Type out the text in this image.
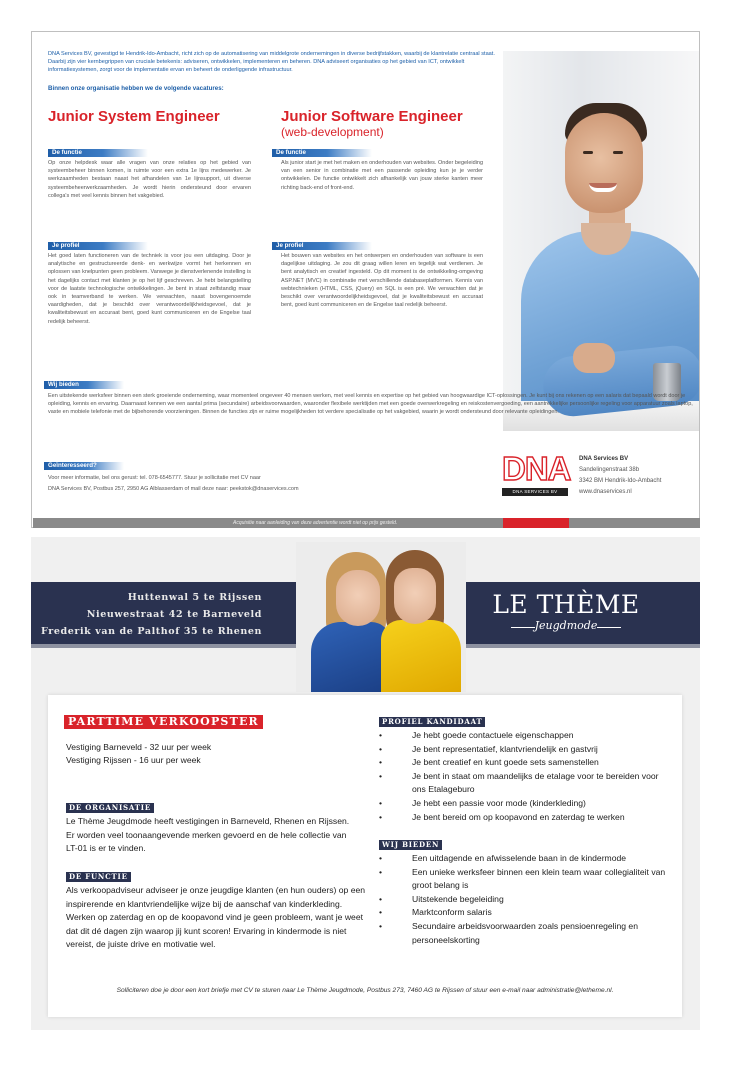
DNA Services BV, gevestigd te Hendrik-Ido-Ambacht, richt zich op de automatisering van middelgrote ondernemingen in diverse bedrijfstakken, waarbij de klantrelatie centraal staat. Daarbij zijn vier kernbegrippen van cruciale betekenis: adviseren, ontwikkelen, implementeren en beheren. DNA adviseert organisaties op het gebied van ICT, ontwikkelt informatiesystemen, zorgt voor de implementatie ervan en beheert de onderliggende infrastructuur.
Binnen onze organisatie hebben we de volgende vacatures:
Junior System Engineer	Junior Software Engineer
(web-development)
De functie
Op onze helpdesk waar alle vragen van onze relaties op het gebied van systeembeheer binnen komen, is ruimte voor een extra 1e lijns medewerker. Je werkzaamheden bestaan naast het afhandelen van 1e lijnsupport, uit diverse systeembeheerwerkzaamheden. Je wordt hierin ondersteund door ervaren collega's met veel kennis binnen het vakgebied.
De functie
Als junior start je met het maken en onderhouden van websites. Onder begeleiding van een senior in combinatie met een passende opleiding kun je je verder ontwikkelen. De functie ontwikkelt zich afhankelijk van jouw sterke kanten meer richting back-end of front-end.
Je profiel
Het goed laten functioneren van de techniek is voor jou een uitdaging. Door je analytische en gestructureerde denk- en werkwijze vormt het herkennen en oplossen van knelpunten geen probleem. Vanwege je dienstverlenende instelling is het dagelijks contact met klanten je op het lijf geschreven. Je hebt belangstelling voor de laatste technologische ontwikkelingen. Je bent in staat zelfstandig maar ook in teamverband te werken. We verwachten, naast bovengenoemde vaardigheden, dat je beschikt over verantwoordelijkheidsgevoel, dat je kwaliteitsbewust en accuraat bent, goed kunt communiceren en de Engelse taal redelijk beheerst.
Je profiel
Het bouwen van websites en het ontwerpen en onderhouden van software is een dagelijkse uitdaging. Je zou dit graag willen leren en tegelijk wat verdienen. Je bent analytisch en creatief ingesteld. Op dit moment is de ontwikkeling-omgeving ASP.NET (MVC) in combinatie met verschillende databaseplatformen. Kennis van webtechnieken (HTML, CSS, jQuery) en SQL is een pré. We verwachten dat je beschikt over verantwoordelijkheidsgevoel, dat je kwaliteitsbewust en accuraat bent, goed kunt communiceren en de Engelse taal redelijk beheerst.
Wij bieden
Een uitstekende werksfeer binnen een sterk groeiende onderneming, waar momenteel ongeveer 40 mensen werken, met veel kennis en expertise op het gebied van hoogwaardige ICT-oplossingen. Je kunt bij ons rekenen op een salaris dat bepaald wordt door je opleiding, kennis en ervaring. Daarnaast kennen we een aantal prima (secundaire) arbeidsvoorwaarden, waaronder flexibele werktijden met een goede overwerkregeling en reiskostenvergoeding, een aantrekkelijke persoonlijke regeling voor apparatuur zoals laptop, vaste en mobiele telefonie met de bijbehorende voorzieningen. Binnen de functies zijn er ruime mogelijkheden tot verdere specialisatie op het vakgebied, waarin je wordt ondersteund door relevante opleidingen.
Geïnteresseerd?
Voor meer informatie, bel ons gerust: tel. 078-6545777. Stuur je sollicitatie met CV naar
DNA Services BV, Postbus 257, 2950 AG Alblasserdam of mail deze naar: peekstok@dnaservices.com
DNA
DNA SERVICES BV
DNA Services BV
Sandelingenstraat 38b
3342 BM Hendrik-Ido-Ambacht
www.dnaservices.nl
Acquisitie naar aanleiding van deze advertentie wordt niet op prijs gesteld.
Huttenwal 5 te Rijssen
Nieuwestraat 42 te Barneveld
Frederik van de Palthof 35 te Rhenen
LE THÈME
Jeugdmode
PARTTIME VERKOOPSTER
Vestiging Barneveld - 32 uur per week
Vestiging Rijssen - 16 uur per week
DE ORGANISATIE
Le Thème Jeugdmode heeft vestigingen in Barneveld, Rhenen en Rijssen. Er worden veel toonaangevende merken gevoerd en de hele collectie van LT-01 is er te vinden.
DE FUNCTIE
Als verkoopadviseur adviseer je onze jeugdige klanten (en hun ouders) op een inspirerende en klantvriendelijke wijze bij de aanschaf van kinderkleding. Werken op zaterdag en op de koopavond vind je geen probleem, want je weet dat dit dé dagen zijn waarop jij kunt scoren! Ervaring in kindermode is niet vereist, de juiste drive en motivatie wel.
PROFIEL KANDIDAAT
•	Je hebt goede contactuele eigenschappen
•	Je bent representatief, klantvriendelijk en gastvrij
•	Je bent creatief en kunt goede sets samenstellen
•	Je bent in staat om maandelijks de etalage voor te bereiden voor ons Etalageburo
•	Je hebt een passie voor mode (kinderkleding)
•	Je bent bereid om op koopavond en zaterdag te werken
WIJ BIEDEN
•	Een uitdagende en afwisselende baan in de kindermode
•	Een unieke werksfeer binnen een klein team waar collegialiteit van groot belang is
•	Uitstekende begeleiding
•	Marktconform salaris
•	Secundaire arbeidsvoorwaarden zoals pensioenregeling en personeelskorting
Solliciteren doe je door een kort briefje met CV te sturen naar Le Thème Jeugdmode, Postbus 273, 7460 AG te Rijssen of stuur een e-mail naar administratie@letheme.nl.
